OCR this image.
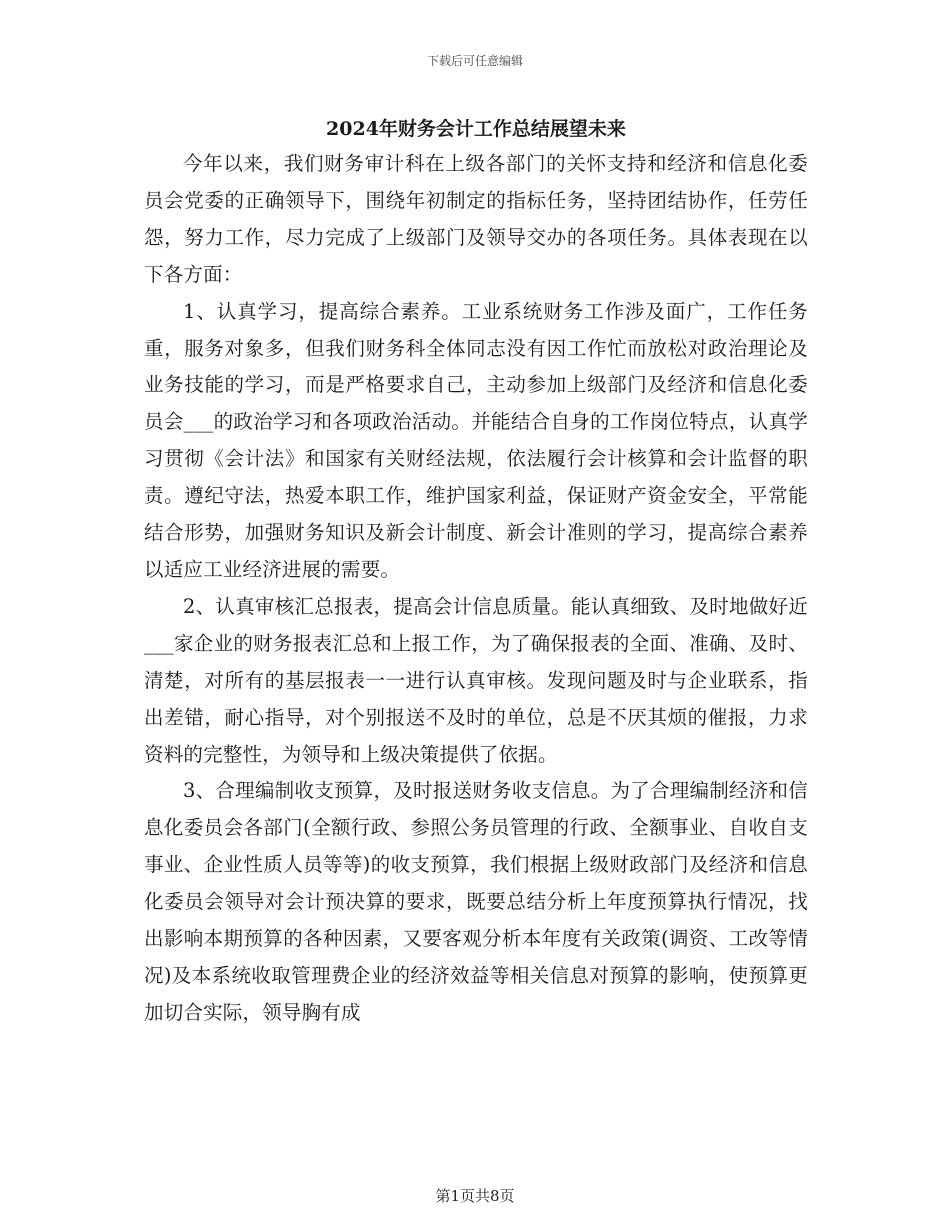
下载后可任意编辑
2024年财务会计工作总结展望未来

今年以来，我们财务审计科在上级各部门的关怀支持和经济和信息化委员会党委的正确领导下，围绕年初制定的指标任务，坚持团结协作，任劳任怨，努力工作，尽力完成了上级部门及领导交办的各项任务。具体表现在以下各方面：

1、认真学习，提高综合素养。工业系统财务工作涉及面广，工作任务重，服务对象多，但我们财务科全体同志没有因工作忙而放松对政治理论及业务技能的学习，而是严格要求自己，主动参加上级部门及经济和信息化委员会___的政治学习和各项政治活动。并能结合自身的工作岗位特点，认真学习贯彻《会计法》和国家有关财经法规，依法履行会计核算和会计监督的职责。遵纪守法，热爱本职工作，维护国家利益，保证财产资金安全，平常能结合形势，加强财务知识及新会计制度、新会计准则的学习，提高综合素养以适应工业经济进展的需要。

2、认真审核汇总报表，提高会计信息质量。能认真细致、及时地做好近___家企业的财务报表汇总和上报工作，为了确保报表的全面、准确、及时、清楚，对所有的基层报表一一进行认真审核。发现问题及时与企业联系，指出差错，耐心指导，对个别报送不及时的单位，总是不厌其烦的催报，力求资料的完整性，为领导和上级决策提供了依据。

3、合理编制收支预算，及时报送财务收支信息。为了合理编制经济和信息化委员会各部门(全额行政、参照公务员管理的行政、全额事业、自收自支事业、企业性质人员等等)的收支预算，我们根据上级财政部门及经济和信息化委员会领导对会计预决算的要求，既要总结分析上年度预算执行情况，找出影响本期预算的各种因素，又要客观分析本年度有关政策(调资、工改等情况)及本系统收取管理费企业的经济效益等相关信息对预算的影响，使预算更加切合实际，领导胸有成

第1页共8页
